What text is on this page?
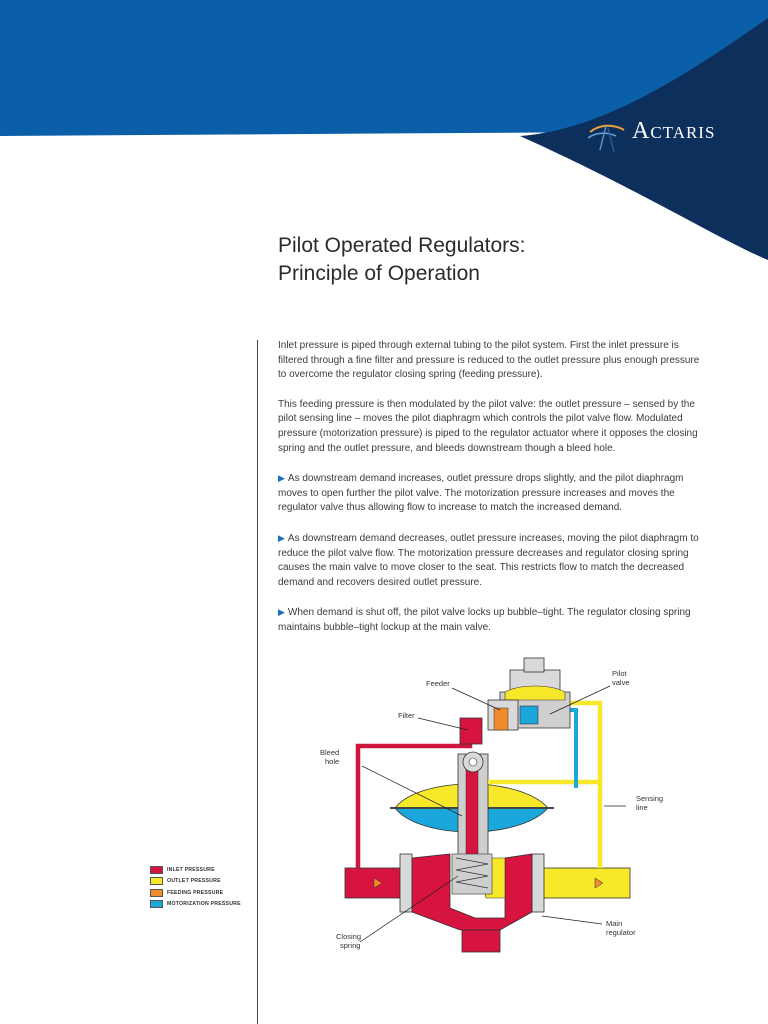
Actaris
Pilot Operated Regulators:
Principle of Operation

Inlet pressure is piped through external tubing to the pilot system. First the inlet pressure is filtered through a fine filter and pressure is reduced to the outlet pressure plus enough pressure to overcome the regulator closing spring (feeding pressure).

This feeding pressure is then modulated by the pilot valve: the outlet pressure – sensed by the pilot sensing line – moves the pilot diaphragm which controls the pilot valve flow. Modulated pressure (motorization pressure) is piped to the regulator actuator where it opposes the closing spring and the outlet pressure, and bleeds downstream though a bleed hole.

▶ As downstream demand increases, outlet pressure drops slightly, and the pilot diaphragm moves to open further the pilot valve. The motorization pressure increases and moves the regulator valve thus allowing flow to increase to match the increased demand.

▶ As downstream demand decreases, outlet pressure increases, moving the pilot diaphragm to reduce the pilot valve flow. The motorization pressure decreases and regulator closing spring causes the main valve to move closer to the seat. This restricts flow to match the decreased demand and recovers desired outlet pressure.

▶ When demand is shut off, the pilot valve locks up bubble–tight. The regulator closing spring maintains bubble–tight lockup at the main valve.

Feeder
Pilot
valve
Filter
Bleed
hole
Sensing
line
Main
regulator
Closing
spring
INLET PRESSURE
OUTLET PRESSURE
FEEDING PRESSURE
MOTORIZATION PRESSURE
